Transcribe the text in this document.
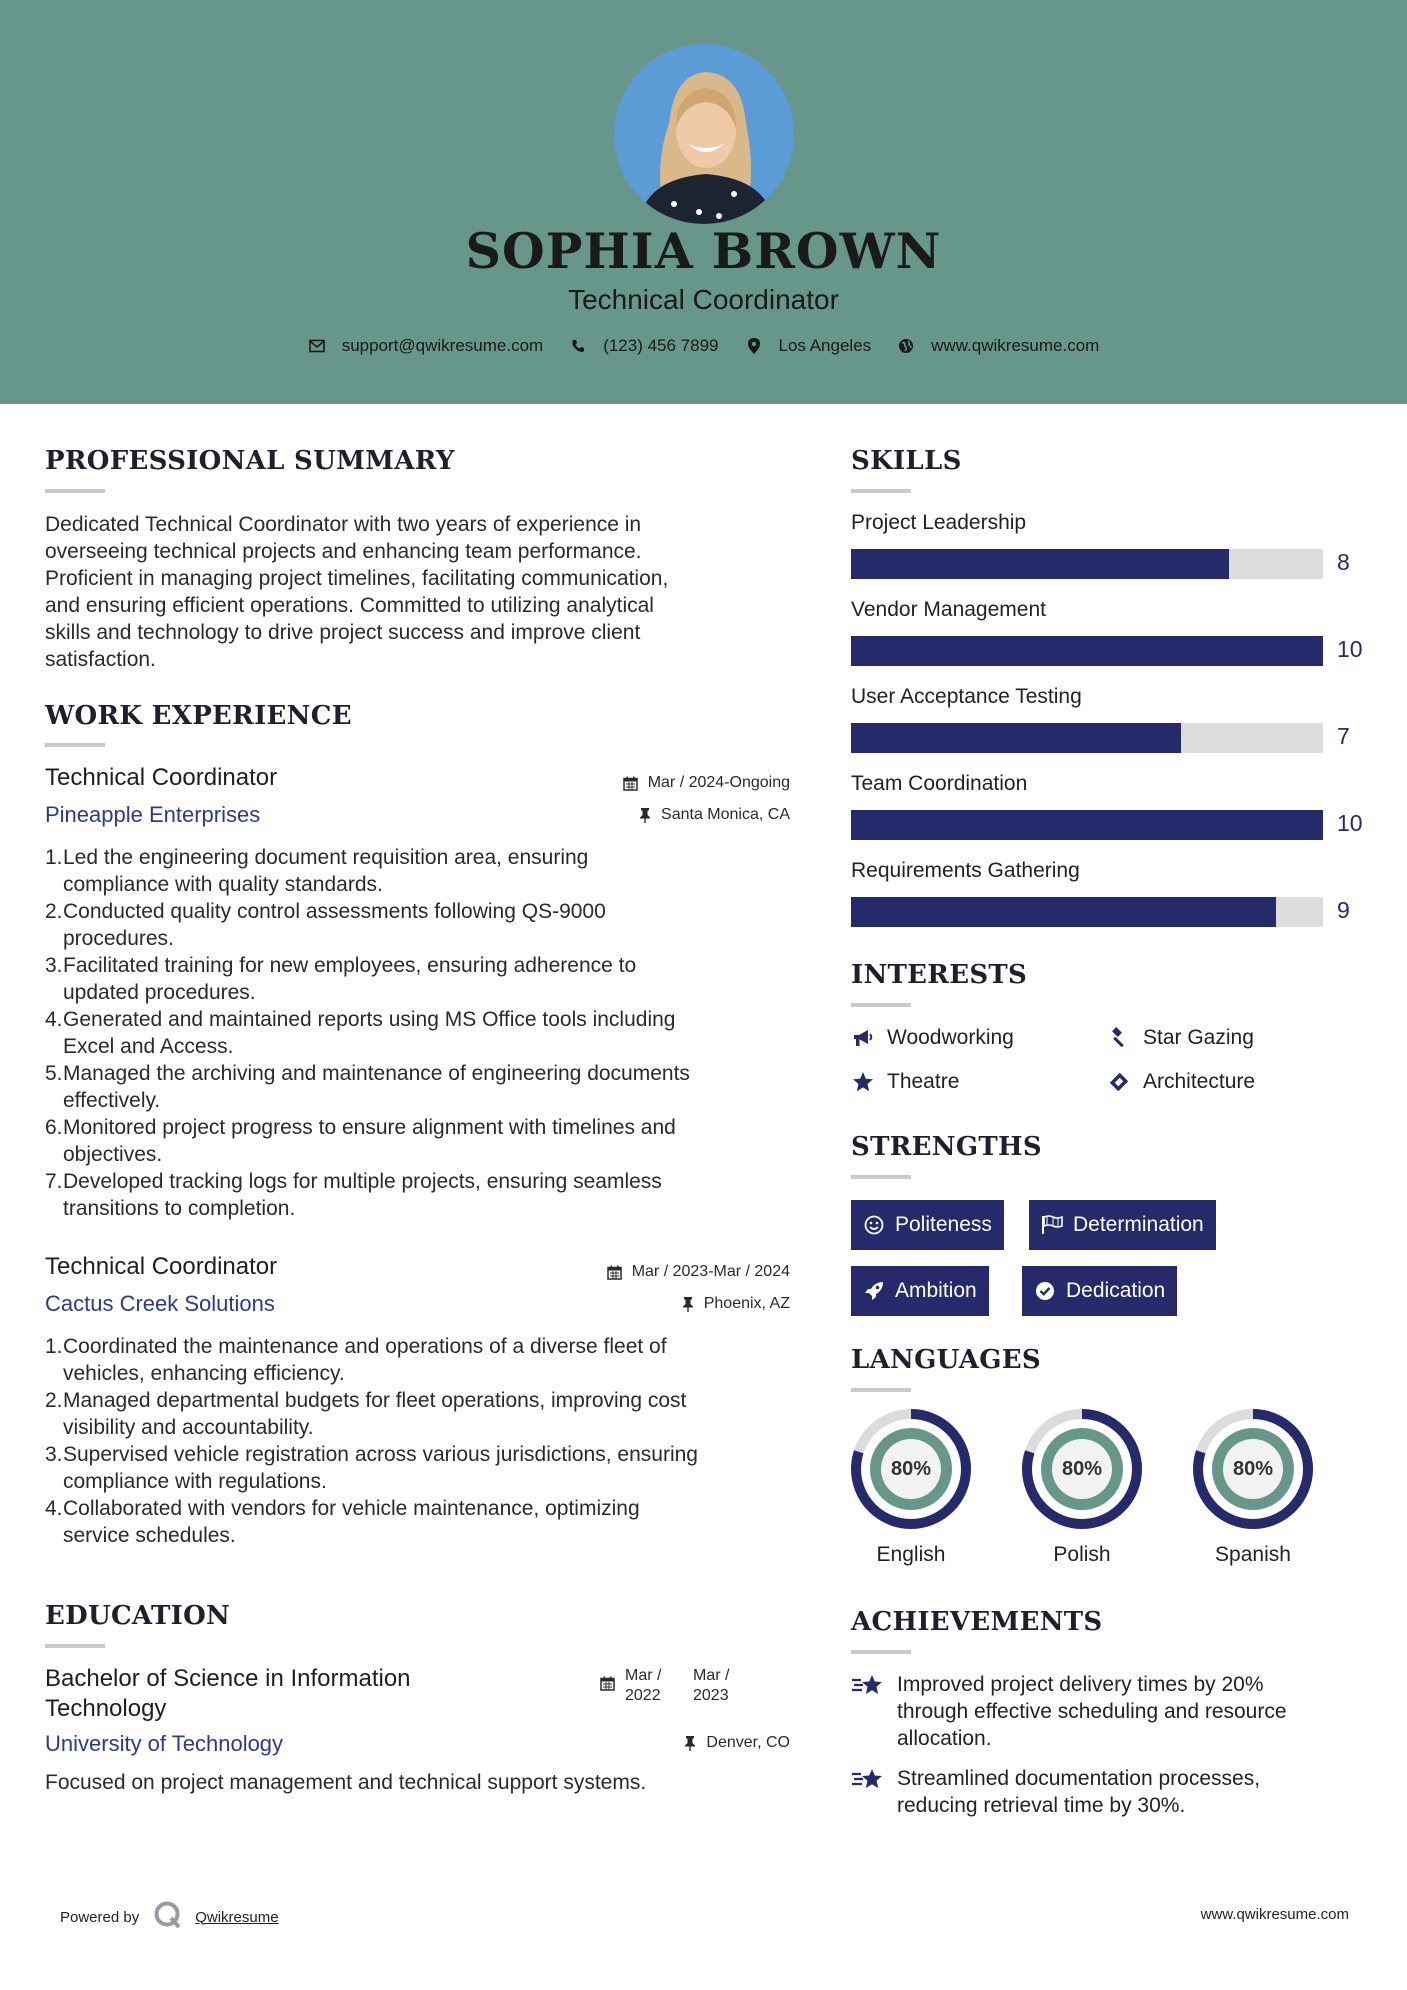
SOPHIA BROWN
Technical Coordinator
support@qwikresume.com	(123) 456 7899	Los Angeles	www.qwikresume.com
PROFESSIONAL SUMMARY
Dedicated Technical Coordinator with two years of experience in
overseeing technical projects and enhancing team performance.
Proficient in managing project timelines, facilitating communication,
and ensuring efficient operations. Committed to utilizing analytical
skills and technology to drive project success and improve client
satisfaction.
WORK EXPERIENCE
Technical Coordinator
Pineapple Enterprises
Mar / 2024-Ongoing
Santa Monica, CA
1. Led the engineering document requisition area, ensuring
compliance with quality standards.
2. Conducted quality control assessments following QS-9000
procedures.
3. Facilitated training for new employees, ensuring adherence to
updated procedures.
4. Generated and maintained reports using MS Office tools including
Excel and Access.
5. Managed the archiving and maintenance of engineering documents
effectively.
6. Monitored project progress to ensure alignment with timelines and
objectives.
7. Developed tracking logs for multiple projects, ensuring seamless
transitions to completion.
Technical Coordinator
Cactus Creek Solutions
Mar / 2023-Mar / 2024
Phoenix, AZ
1. Coordinated the maintenance and operations of a diverse fleet of
vehicles, enhancing efficiency.
2. Managed departmental budgets for fleet operations, improving cost
visibility and accountability.
3. Supervised vehicle registration across various jurisdictions, ensuring
compliance with regulations.
4. Collaborated with vendors for vehicle maintenance, optimizing
service schedules.
EDUCATION
Bachelor of Science in Information
Technology
Mar /
2022
Mar /
2023
University of Technology	Denver, CO
Focused on project management and technical support systems.
SKILLS
Project Leadership
8
Vendor Management
10
User Acceptance Testing
7
Team Coordination
10
Requirements Gathering
9
INTERESTS
Woodworking	Star Gazing
Theatre	Architecture
STRENGTHS
Politeness	Determination
Ambition	Dedication
LANGUAGES
80%
English
80%
Polish
80%
Spanish
ACHIEVEMENTS
Improved project delivery times by 20%
through effective scheduling and resource
allocation.
Streamlined documentation processes,
reducing retrieval time by 30%.
Powered by	Qwikresume	www.qwikresume.com
